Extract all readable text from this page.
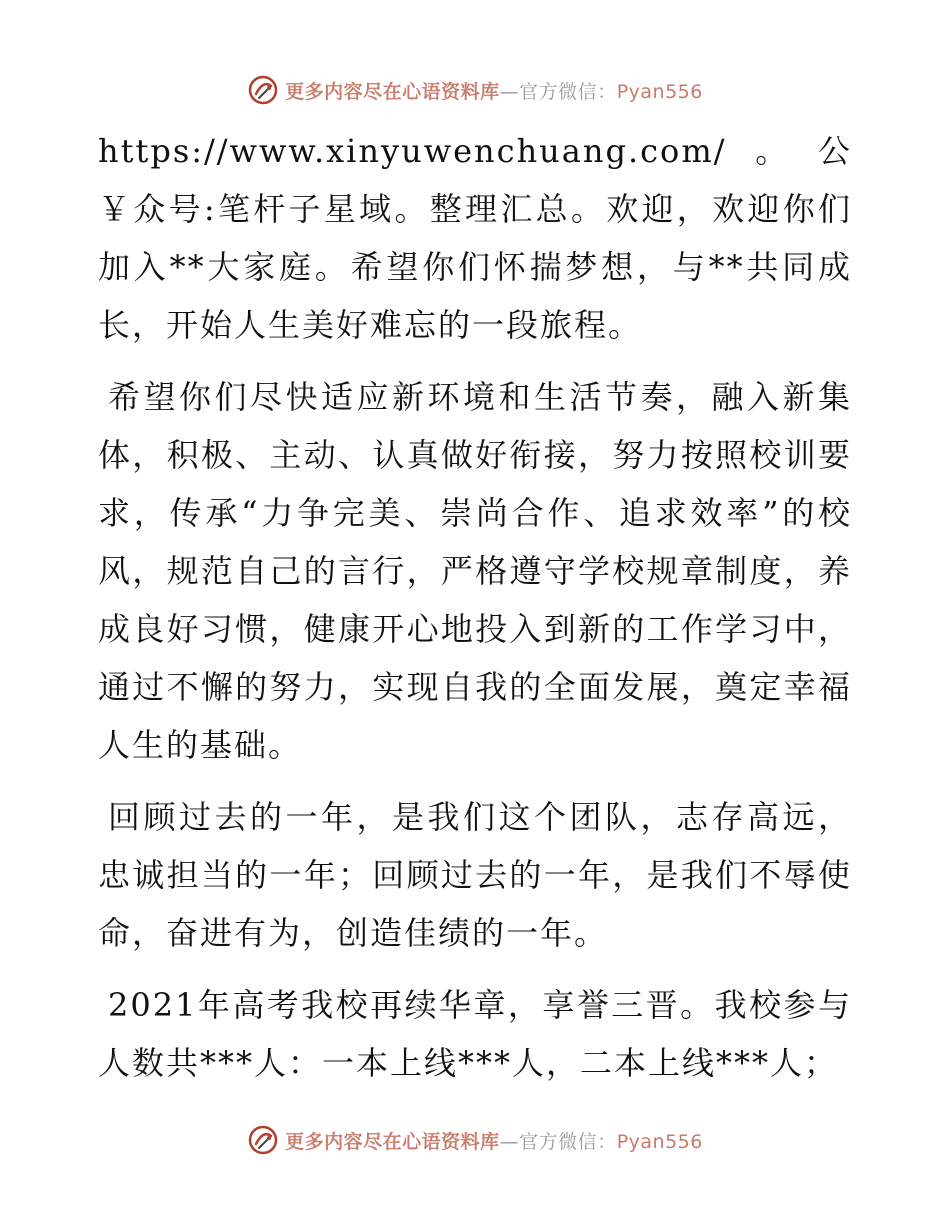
更多内容尽在心语资料库—官方微信：Pyan556

https://www.xinyuwenchuang.com/。公￥众号:笔杆子星域。整理汇总。欢迎，欢迎你们加入**大家庭。希望你们怀揣梦想，与**共同成长，开始人生美好难忘的一段旅程。

希望你们尽快适应新环境和生活节奏，融入新集体，积极、主动、认真做好衔接，努力按照校训要求，传承“力争完美、崇尚合作、追求效率”的校风，规范自己的言行，严格遵守学校规章制度，养成良好习惯，健康开心地投入到新的工作学习中，通过不懈的努力，实现自我的全面发展，奠定幸福人生的基础。

回顾过去的一年，是我们这个团队，志存高远，忠诚担当的一年；回顾过去的一年，是我们不辱使命，奋进有为，创造佳绩的一年。

2021年高考我校再续华章，享誉三晋。我校参与人数共***人：一本上线***人，二本上线***人；

更多内容尽在心语资料库—官方微信：Pyan556
